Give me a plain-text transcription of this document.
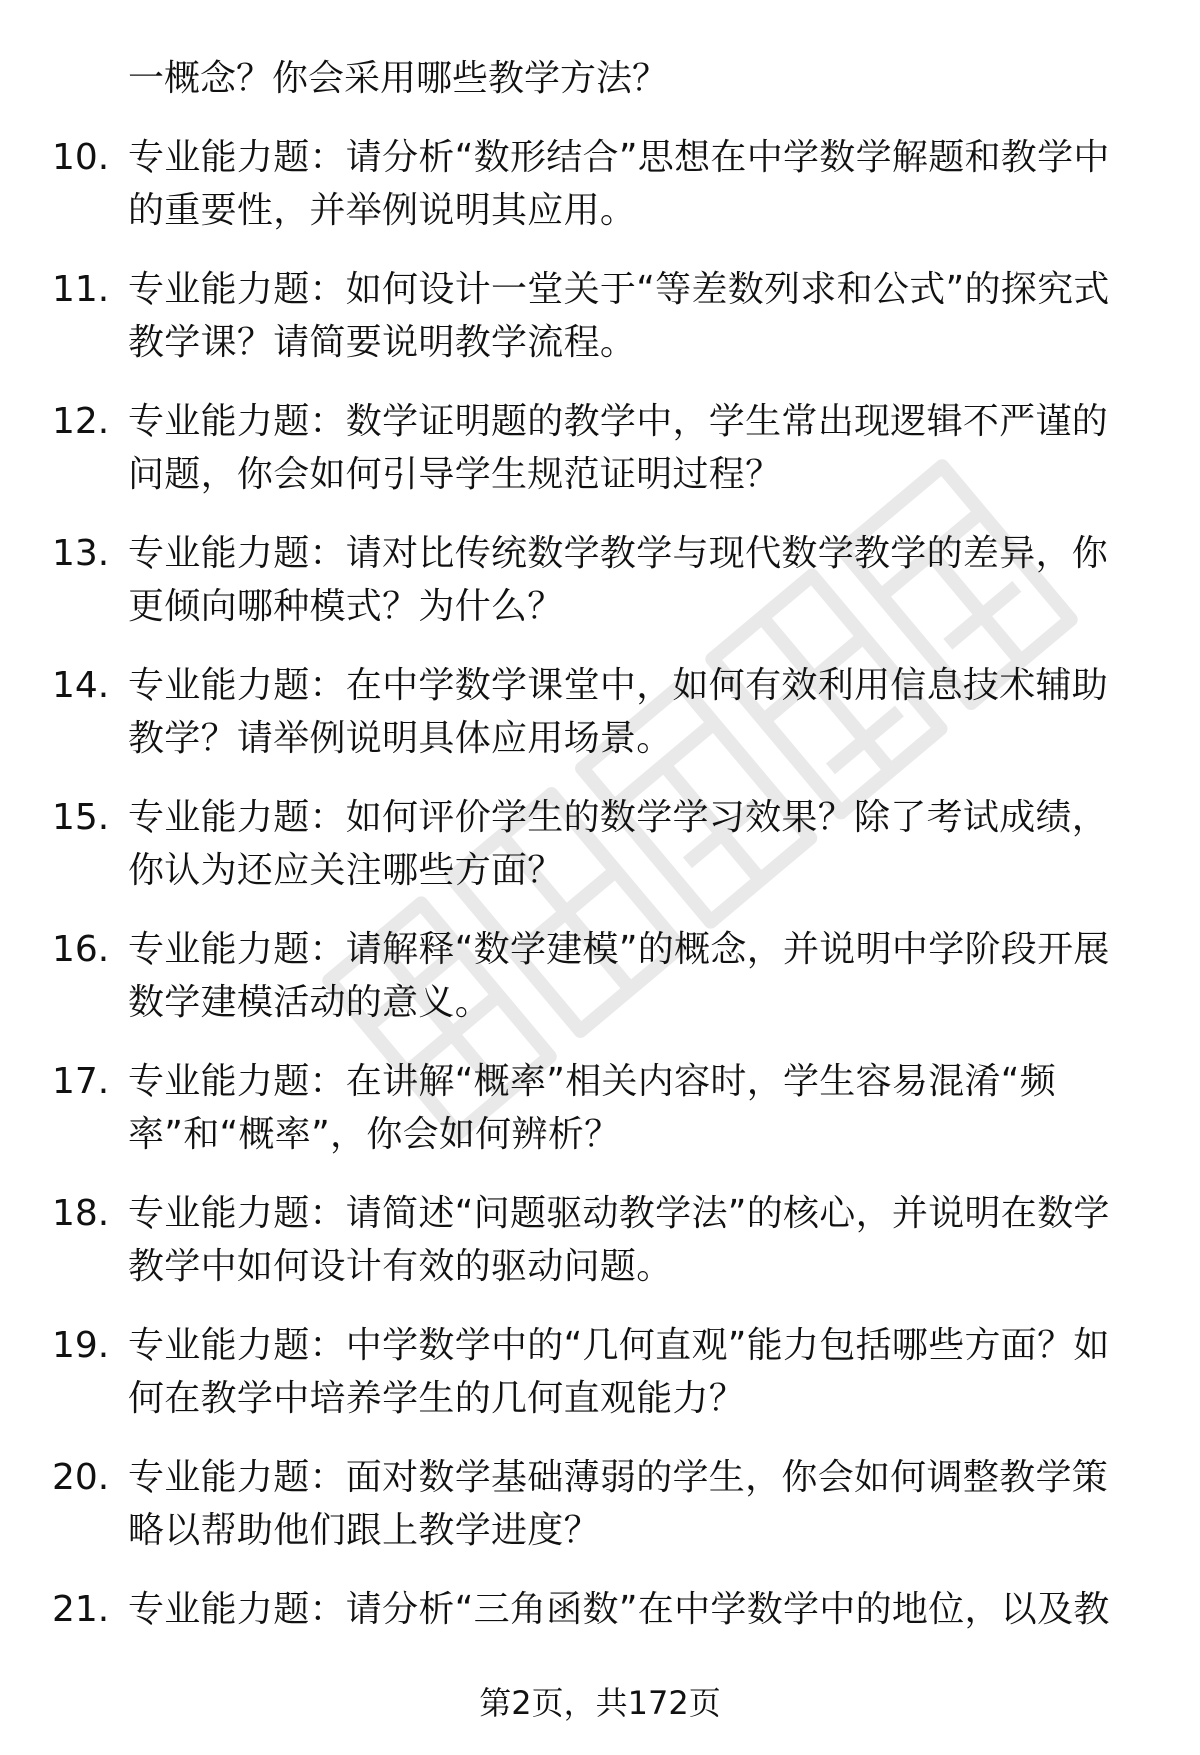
一概念？你会采用哪些教学方法？
10. 专业能力题：请分析“数形结合”思想在中学数学解题和教学中的重要性，并举例说明其应用。
11. 专业能力题：如何设计一堂关于“等差数列求和公式”的探究式教学课？请简要说明教学流程。
12. 专业能力题：数学证明题的教学中，学生常出现逻辑不严谨的问题，你会如何引导学生规范证明过程？
13. 专业能力题：请对比传统数学教学与现代数学教学的差异，你更倾向哪种模式？为什么？
14. 专业能力题：在中学数学课堂中，如何有效利用信息技术辅助教学？请举例说明具体应用场景。
15. 专业能力题：如何评价学生的数学学习效果？除了考试成绩，你认为还应关注哪些方面？
16. 专业能力题：请解释“数学建模”的概念，并说明中学阶段开展数学建模活动的意义。
17. 专业能力题：在讲解“概率”相关内容时，学生容易混淆“频率”和“概率”，你会如何辨析？
18. 专业能力题：请简述“问题驱动教学法”的核心，并说明在数学教学中如何设计有效的驱动问题。
19. 专业能力题：中学数学中的“几何直观”能力包括哪些方面？如何在教学中培养学生的几何直观能力？
20. 专业能力题：面对数学基础薄弱的学生，你会如何调整教学策略以帮助他们跟上教学进度？
21. 专业能力题：请分析“三角函数”在中学数学中的地位，以及教
第2页，共172页
